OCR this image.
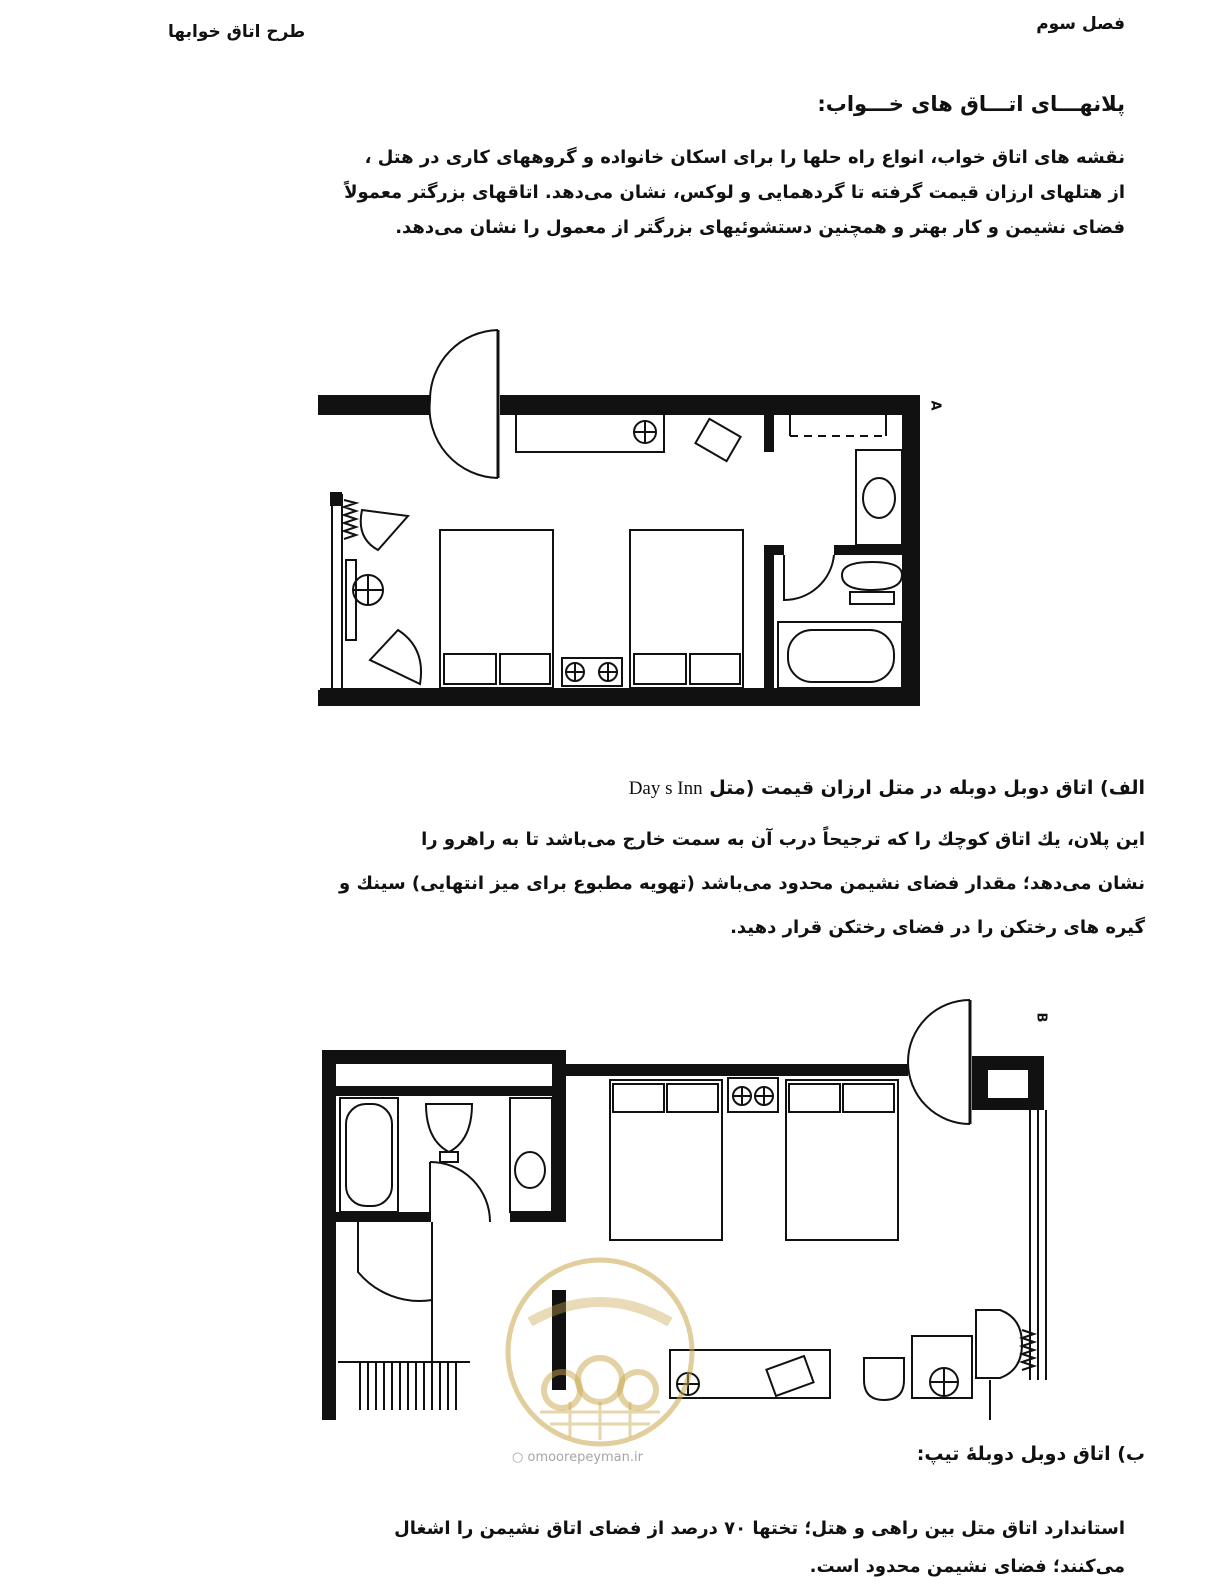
فصل سوم
طرح اتاق خوابها
پلانهـــای اتـــاق های خـــواب:
نقشه های اتاق خواب، انواع راه حلها را برای اسکان خانواده و گروههای کاری در هتل ،
از هتلهای ارزان قیمت گرفته تا گردهمایی و لوکس، نشان می‌دهد. اتاقهای بزرگتر معمولاً
فضای نشیمن و کار بهتر و همچنین دستشوئیهای بزرگتر از معمول را نشان می‌دهد.
A
الف) اتاق دوبل دوبله در متل ارزان قیمت (متل Day s Inn
این پلان، یك اتاق کوچك را که ترجیحاً درب آن به سمت خارج می‌باشد تا به راهرو را
نشان می‌دهد؛ مقدار فضای نشیمن محدود می‌باشد (تهویه مطبوع برای میز انتهایی) سینك و
گیره های رختکن را در فضای رختکن قرار دهید.
B
○ omoorepeyman.ir	ب) اتاق دوبل دوبلهٔ تیپ:
استاندارد اتاق متل بین راهی و هتل؛ تختها ۷۰ درصد از فضای اتاق نشیمن را اشغال
می‌کنند؛ فضای نشیمن محدود است.
